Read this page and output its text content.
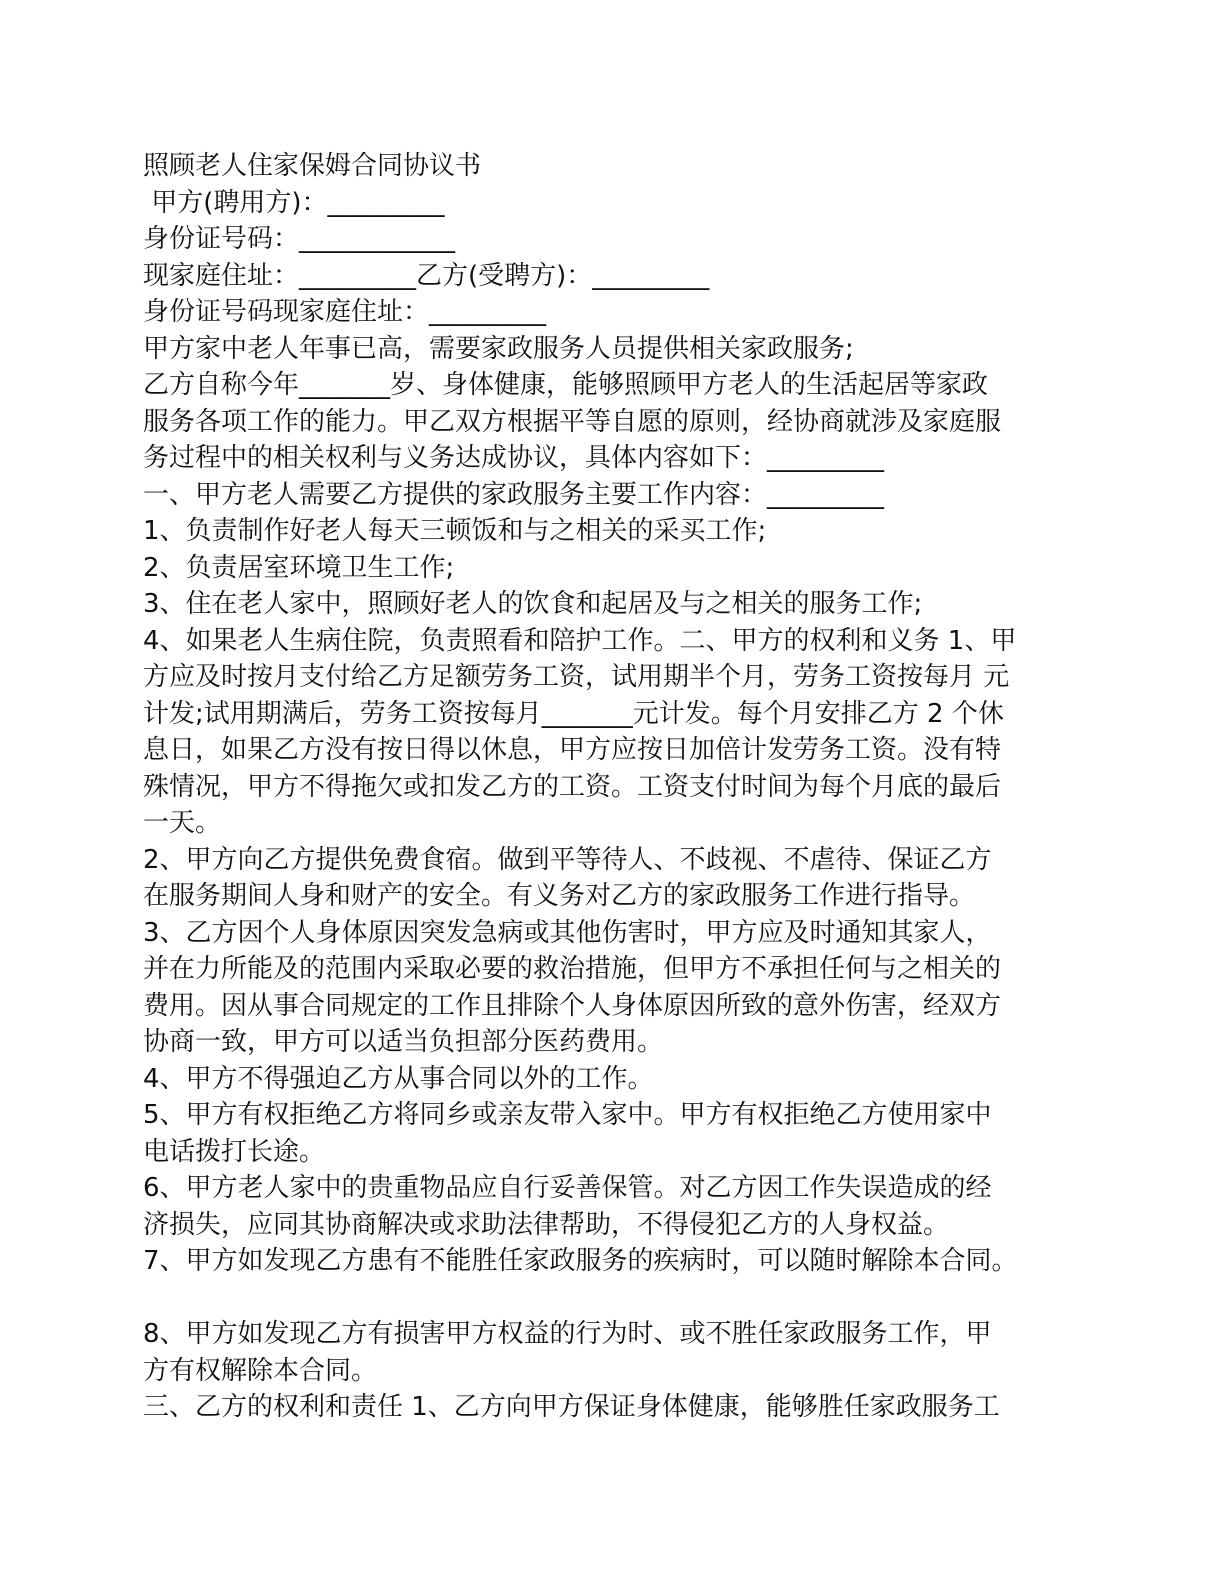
照顾老人住家保姆合同协议书

甲方(聘用方)：_________

身份证号码：____________

现家庭住址：_________乙方(受聘方)：_________

身份证号码现家庭住址：_________

甲方家中老人年事已高，需要家政服务人员提供相关家政服务;

乙方自称今年_______岁、身体健康，能够照顾甲方老人的生活起居等家政

服务各项工作的能力。甲乙双方根据平等自愿的原则，经协商就涉及家庭服

务过程中的相关权利与义务达成协议，具体内容如下：_________

一、甲方老人需要乙方提供的家政服务主要工作内容：_________

1、负责制作好老人每天三顿饭和与之相关的采买工作;

2、负责居室环境卫生工作;

3、住在老人家中，照顾好老人的饮食和起居及与之相关的服务工作;

4、如果老人生病住院，负责照看和陪护工作。二、甲方的权利和义务 1、甲

方应及时按月支付给乙方足额劳务工资，试用期半个月，劳务工资按每月 元

计发;试用期满后，劳务工资按每月_______元计发。每个月安排乙方 2 个休

息日，如果乙方没有按日得以休息，甲方应按日加倍计发劳务工资。没有特

殊情况，甲方不得拖欠或扣发乙方的工资。工资支付时间为每个月底的最后

一天。

2、甲方向乙方提供免费食宿。做到平等待人、不歧视、不虐待、保证乙方

在服务期间人身和财产的安全。有义务对乙方的家政服务工作进行指导。

3、乙方因个人身体原因突发急病或其他伤害时，甲方应及时通知其家人，

并在力所能及的范围内采取必要的救治措施，但甲方不承担任何与之相关的

费用。因从事合同规定的工作且排除个人身体原因所致的意外伤害，经双方

协商一致，甲方可以适当负担部分医药费用。

4、甲方不得强迫乙方从事合同以外的工作。

5、甲方有权拒绝乙方将同乡或亲友带入家中。甲方有权拒绝乙方使用家中

电话拨打长途。

6、甲方老人家中的贵重物品应自行妥善保管。对乙方因工作失误造成的经

济损失，应同其协商解决或求助法律帮助，不得侵犯乙方的人身权益。

7、甲方如发现乙方患有不能胜任家政服务的疾病时，可以随时解除本合同。

8、甲方如发现乙方有损害甲方权益的行为时、或不胜任家政服务工作，甲

方有权解除本合同。

三、乙方的权利和责任 1、乙方向甲方保证身体健康，能够胜任家政服务工
